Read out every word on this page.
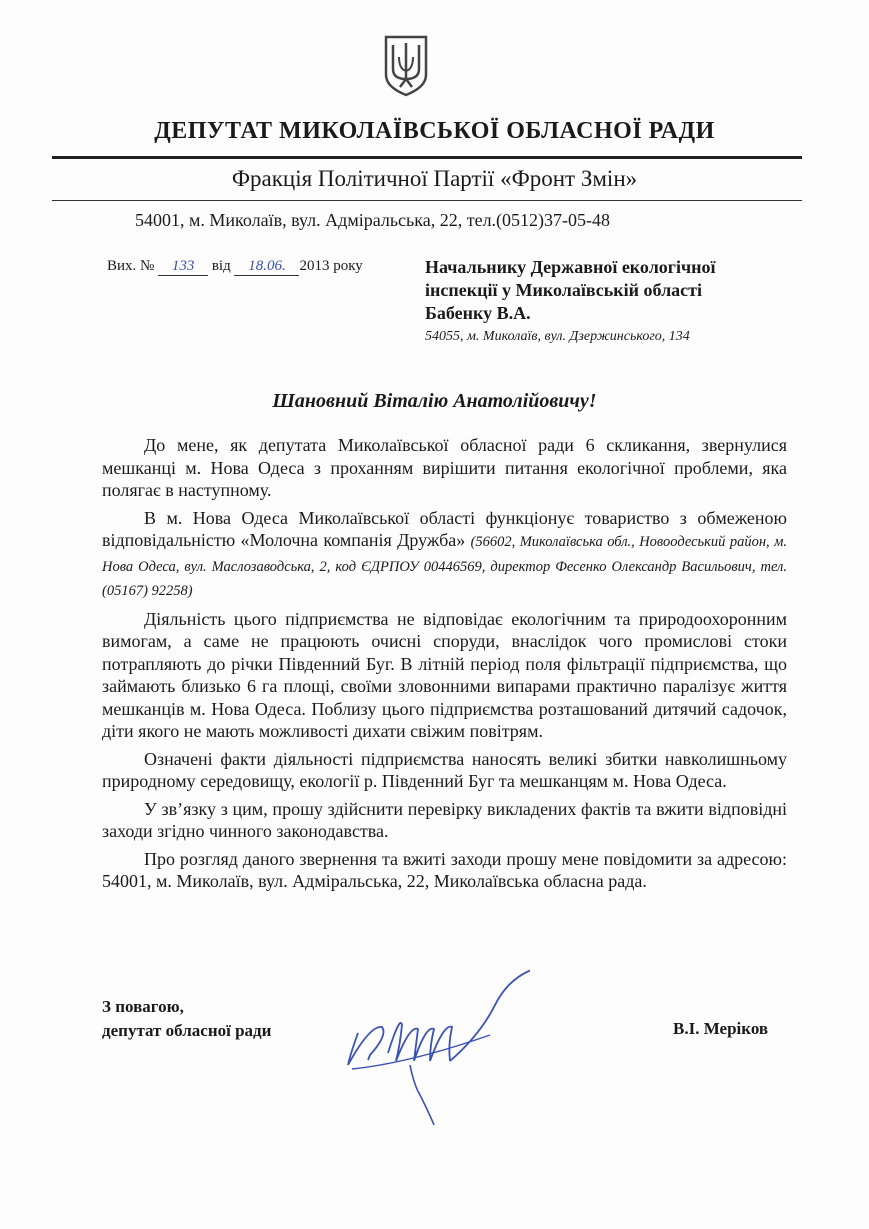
ДЕПУТАТ МИКОЛАЇВСЬКОЇ ОБЛАСНОЇ РАДИ
Фракція Політичної Партії «Фронт Змін»
54001, м. Миколаїв, вул. Адміральська, 22, тел.(0512)37-05-48
Вих. № 133 від 18.06. 2013 року	Начальнику Державної екологічної
інспекції у Миколаївській області
Бабенку В.А.
54055, м. Миколаїв, вул. Дзержинського, 134
Шановний Віталію Анатолійовичу!

До мене, як депутата Миколаївської обласної ради 6 скликання, звернулися мешканці м. Нова Одеса з проханням вирішити питання екологічної проблеми, яка полягає в наступному.

В м. Нова Одеса Миколаївської області функціонує товариство з обмеженою відповідальністю «Молочна компанія Дружба» (56602, Миколаївська обл., Новоодеський район, м. Нова Одеса, вул. Маслозаводська, 2, код ЄДРПОУ 00446569, директор Фесенко Олександр Васильович, тел. (05167) 92258)

Діяльність цього підприємства не відповідає екологічним та природоохоронним вимогам, а саме не працюють очисні споруди, внаслідок чого промислові стоки потрапляють до річки Південний Буг. В літній період поля фільтрації підприємства, що займають близько 6 га площі, своїми зловонними випарами практично паралізує життя мешканців м. Нова Одеса. Поблизу цього підприємства розташований дитячий садочок, діти якого не мають можливості дихати свіжим повітрям.

Означені факти діяльності підприємства наносять великі збитки навколишньому природному середовищу, екології р. Південний Буг та мешканцям м. Нова Одеса.

У зв’язку з цим, прошу здійснити перевірку викладених фактів та вжити відповідні заходи згідно чинного законодавства.

Про розгляд даного звернення та вжиті заходи прошу мене повідомити за адресою: 54001, м. Миколаїв, вул. Адміральська, 22, Миколаївська обласна рада.

З повагою,
депутат обласної ради	В.І. Меріков
